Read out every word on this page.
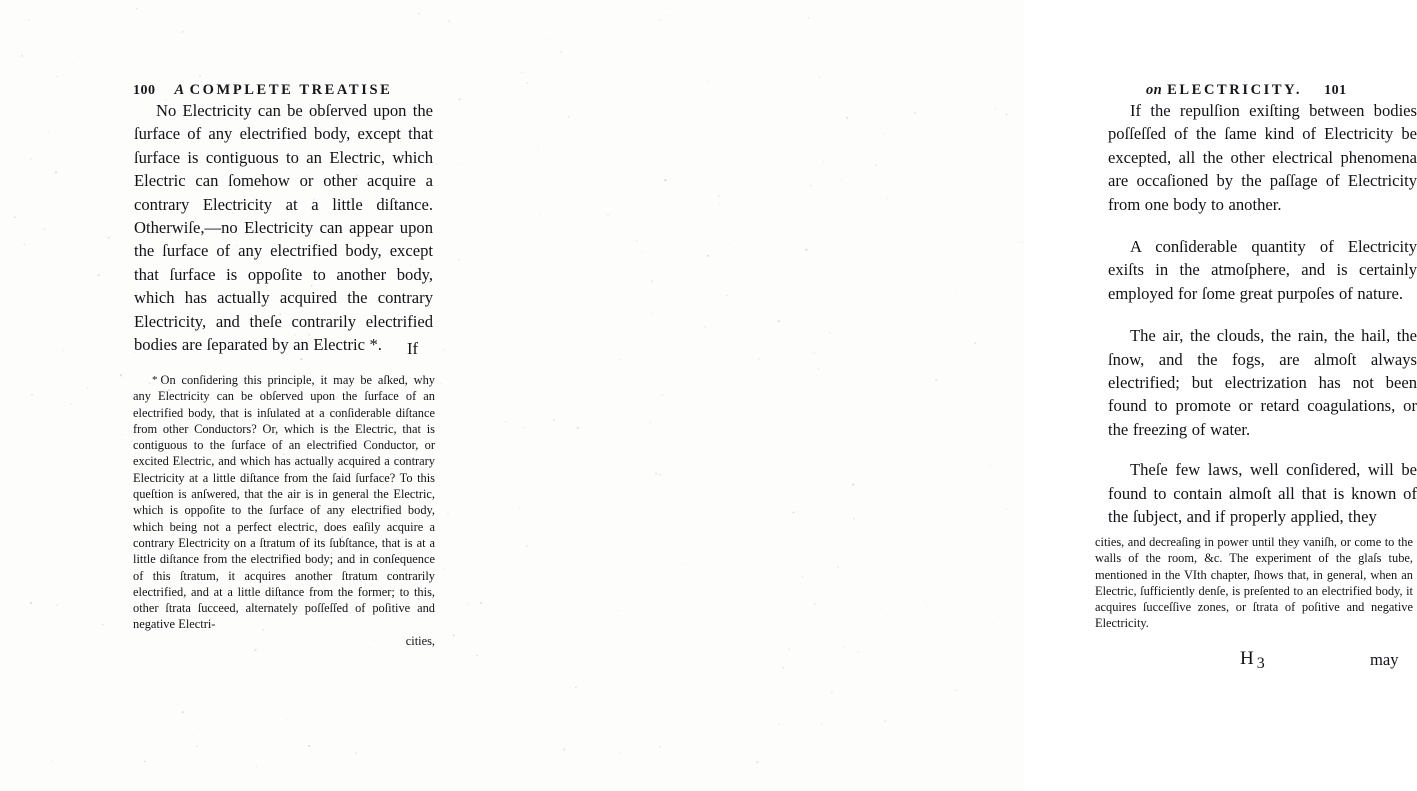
100 A COMPLETE TREATISE

No Electricity can be obſerved upon the ſurface of any electrified body, except that ſurface is contiguous to an Electric, which Electric can ſomehow or other acquire a contrary Electricity at a little diſtance. Otherwiſe,—no Electricity can appear upon the ſurface of any electrified body, except that ſurface is oppoſite to another body, which has actually acquired the contrary Electricity, and theſe contrarily electrified bodies are ſeparated by an Electric *.	If

* On conſidering this principle, it may be aſked, why any Electricity can be obſerved upon the ſurface of an electrified body, that is inſulated at a conſiderable diſtance from other Conductors? Or, which is the Electric, that is contiguous to the ſurface of an electrified Conductor, or excited Electric, and which has actually acquired a contrary Electricity at a little diſtance from the ſaid ſurface? To this queſtion is anſwered, that the air is in general the Electric, which is oppoſite to the ſurface of any electrified body, which being not a perfect electric, does eaſily acquire a contrary Electricity on a ſtratum of its ſubſtance, that is at a little diſtance from the electrified body; and in conſequence of this ſtratum, it acquires another ſtratum contrarily electrified, and at a little diſtance from the former; to this, other ſtrata ſucceed, alternately poſſeſſed of poſitive and negative Electri-

cities,
on ELECTRICITY. 101

If the repulſion exiſting between bodies poſſeſſed of the ſame kind of Electricity be excepted, all the other electrical phenomena are occaſioned by the paſſage of Electricity from one body to another.

A conſiderable quantity of Electricity exiſts in the atmoſphere, and is certainly employed for ſome great purpoſes of nature.

The air, the clouds, the rain, the hail, the ſnow, and the fogs, are almoſt always electrified; but electrization has not been found to promote or retard coagulations, or the freezing of water.

Theſe few laws, well conſidered, will be found to contain almoſt all that is known of the ſubject, and if properly applied, they

cities, and decreaſing in power until they vaniſh, or come to the walls of the room, &c. The experiment of the glaſs tube, mentioned in the VIth chapter, ſhows that, in general, when an Electric, ſufficiently denſe, is preſented to an electrified body, it acquires ſucceſſive zones, or ſtrata of poſitive and negative Electricity.

H $_3$	may
